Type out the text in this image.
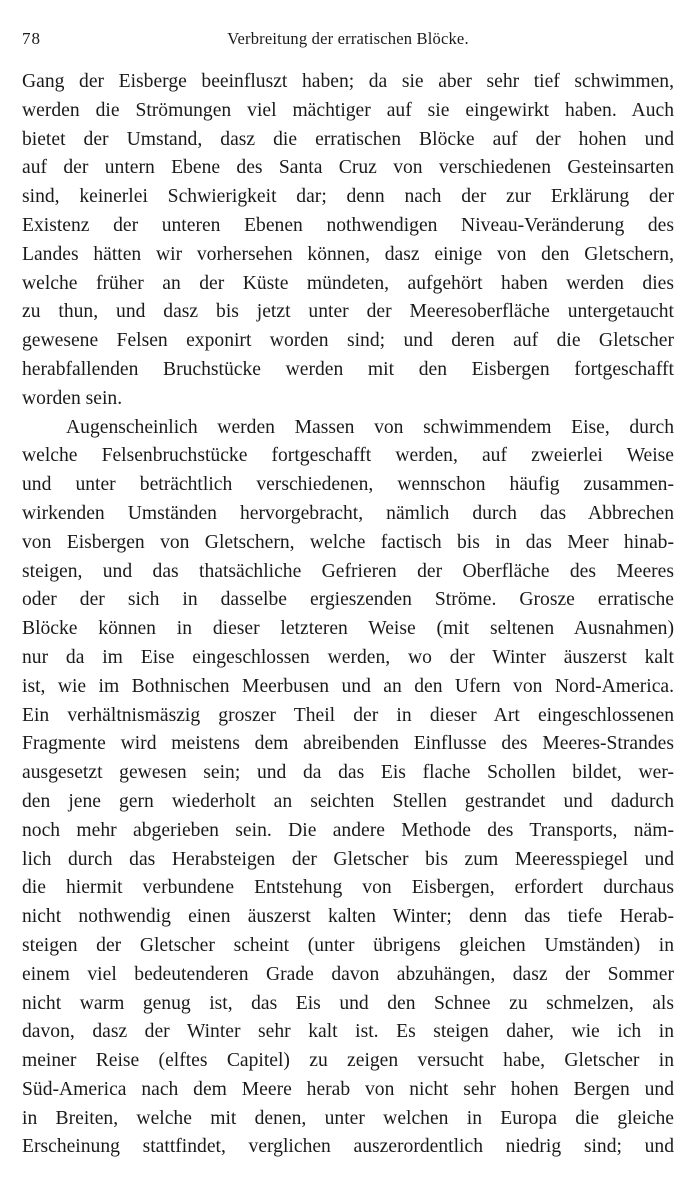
78	Verbreitung der erratischen Blöcke.
Gang der Eisberge beeinfluszt haben; da sie aber sehr tief schwimmen,
werden die Strömungen viel mächtiger auf sie eingewirkt haben. Auch
bietet der Umstand, dasz die erratischen Blöcke auf der hohen und
auf der untern Ebene des Santa Cruz von verschiedenen Gesteinsarten
sind, keinerlei Schwierigkeit dar; denn nach der zur Erklärung der
Existenz der unteren Ebenen nothwendigen Niveau-Veränderung des
Landes hätten wir vorhersehen können, dasz einige von den Gletschern,
welche früher an der Küste mündeten, aufgehört haben werden dies
zu thun, und dasz bis jetzt unter der Meeresoberfläche untergetaucht
gewesene Felsen exponirt worden sind; und deren auf die Gletscher
herabfallenden Bruchstücke werden mit den Eisbergen fortgeschafft
worden sein.
Augenscheinlich werden Massen von schwimmendem Eise, durch
welche Felsenbruchstücke fortgeschafft werden, auf zweierlei Weise
und unter beträchtlich verschiedenen, wennschon häufig zusammen-
wirkenden Umständen hervorgebracht, nämlich durch das Abbrechen
von Eisbergen von Gletschern, welche factisch bis in das Meer hinab-
steigen, und das thatsächliche Gefrieren der Oberfläche des Meeres
oder der sich in dasselbe ergieszenden Ströme. Grosze erratische
Blöcke können in dieser letzteren Weise (mit seltenen Ausnahmen)
nur da im Eise eingeschlossen werden, wo der Winter äuszerst kalt
ist, wie im Bothnischen Meerbusen und an den Ufern von Nord-America.
Ein verhältnismäszig groszer Theil der in dieser Art eingeschlossenen
Fragmente wird meistens dem abreibenden Einflusse des Meeres-Strandes
ausgesetzt gewesen sein; und da das Eis flache Schollen bildet, wer-
den jene gern wiederholt an seichten Stellen gestrandet und dadurch
noch mehr abgerieben sein. Die andere Methode des Transports, näm-
lich durch das Herabsteigen der Gletscher bis zum Meeresspiegel und
die hiermit verbundene Entstehung von Eisbergen, erfordert durchaus
nicht nothwendig einen äuszerst kalten Winter; denn das tiefe Herab-
steigen der Gletscher scheint (unter übrigens gleichen Umständen) in
einem viel bedeutenderen Grade davon abzuhängen, dasz der Sommer
nicht warm genug ist, das Eis und den Schnee zu schmelzen, als
davon, dasz der Winter sehr kalt ist. Es steigen daher, wie ich in
meiner Reise (elftes Capitel) zu zeigen versucht habe, Gletscher in
Süd-America nach dem Meere herab von nicht sehr hohen Bergen und
in Breiten, welche mit denen, unter welchen in Europa die gleiche
Erscheinung stattfindet, verglichen auszerordentlich niedrig sind; und
